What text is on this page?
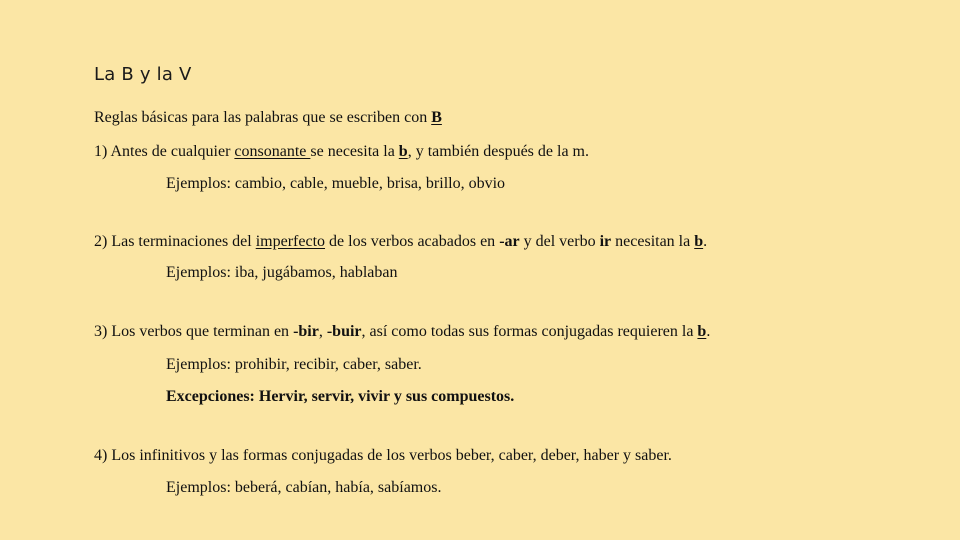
La B y la V
Reglas básicas para las palabras que se escriben con B
1) Antes de cualquier consonante se necesita la b, y también después de la m.
Ejemplos: cambio, cable, mueble, brisa, brillo, obvio
2) Las terminaciones del imperfecto de los verbos acabados en -ar y del verbo ir necesitan la b.
Ejemplos: iba, jugábamos, hablaban
3) Los verbos que terminan en -bir, -buir, así como todas sus formas conjugadas requieren la b.
Ejemplos: prohibir, recibir, caber, saber.
Excepciones: Hervir, servir, vivir y sus compuestos.
4) Los infinitivos y las formas conjugadas de los verbos beber, caber, deber, haber y saber.
Ejemplos: beberá, cabían, había, sabíamos.
